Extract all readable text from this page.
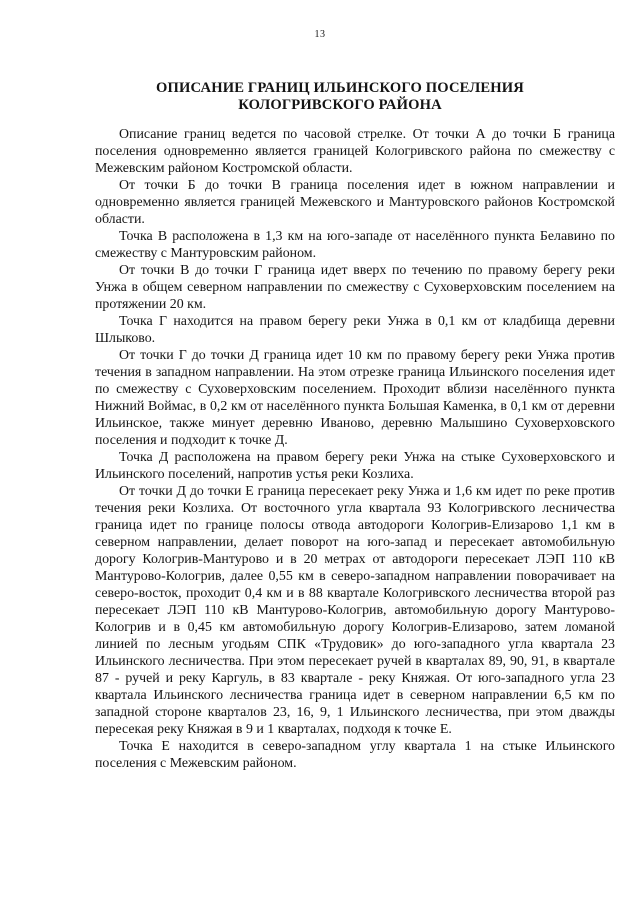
13
ОПИСАНИЕ ГРАНИЦ ИЛЬИНСКОГО ПОСЕЛЕНИЯ
КОЛОГРИВСКОГО РАЙОНА

Описание границ ведется по часовой стрелке. От точки А до точки Б граница поселения одновременно является границей Кологривского района по смежеству с Межевским районом Костромской области.

От точки Б до точки В граница поселения идет в южном направлении и одновременно является границей Межевского и Мантуровского районов Костромской области.

Точка В расположена в 1,3 км на юго-западе от населённого пункта Белавино по смежеству с Мантуровским районом.

От точки В до точки Г граница идет вверх по течению по правому берегу реки Унжа в общем северном направлении по смежеству с Суховерховским поселением на протяжении 20 км.

Точка Г находится на правом берегу реки Унжа в 0,1 км от кладбища деревни Шлыково.

От точки Г до точки Д граница идет 10 км по правому берегу реки Унжа против течения в западном направлении. На этом отрезке граница Ильинского поселения идет по смежеству с Суховерховским поселением. Проходит вблизи населённого пункта Нижний Воймас, в 0,2 км от населённого пункта Большая Каменка, в 0,1 км от деревни Ильинское, также минует деревню Иваново, деревню Малышино Суховерховского поселения и подходит к точке Д.

Точка Д расположена на правом берегу реки Унжа на стыке Суховерховского и Ильинского поселений, напротив устья реки Козлиха.

От точки Д до точки Е граница пересекает реку Унжа и 1,6 км идет по реке против течения реки Козлиха. От восточного угла квартала 93 Кологривского лесничества граница идет по границе полосы отвода автодороги Кологрив-Елизарово 1,1 км в северном направлении, делает поворот на юго-запад и пересекает автомобильную дорогу Кологрив-Мантурово и в 20 метрах от автодороги пересекает ЛЭП 110 кВ Мантурово-Кологрив, далее 0,55 км в северо-западном направлении поворачивает на северо-восток, проходит 0,4 км и в 88 квартале Кологривского лесничества второй раз пересекает ЛЭП 110 кВ Мантурово-Кологрив, автомобильную дорогу Мантурово-Кологрив и в 0,45 км автомобильную дорогу Кологрив-Елизарово, затем ломаной линией по лесным угодьям СПК «Трудовик» до юго-западного угла квартала 23 Ильинского лесничества. При этом пересекает ручей в кварталах 89, 90, 91, в квартале 87 - ручей и реку Каргуль, в 83 квартале - реку Княжая. От юго-западного угла 23 квартала Ильинского лесничества граница идет в северном направлении 6,5 км по западной стороне кварталов 23, 16, 9, 1 Ильинского лесничества, при этом дважды пересекая реку Княжая в 9 и 1 кварталах, подходя к точке Е.

Точка Е находится в северо-западном углу квартала 1 на стыке Ильинского поселения с Межевским районом.
